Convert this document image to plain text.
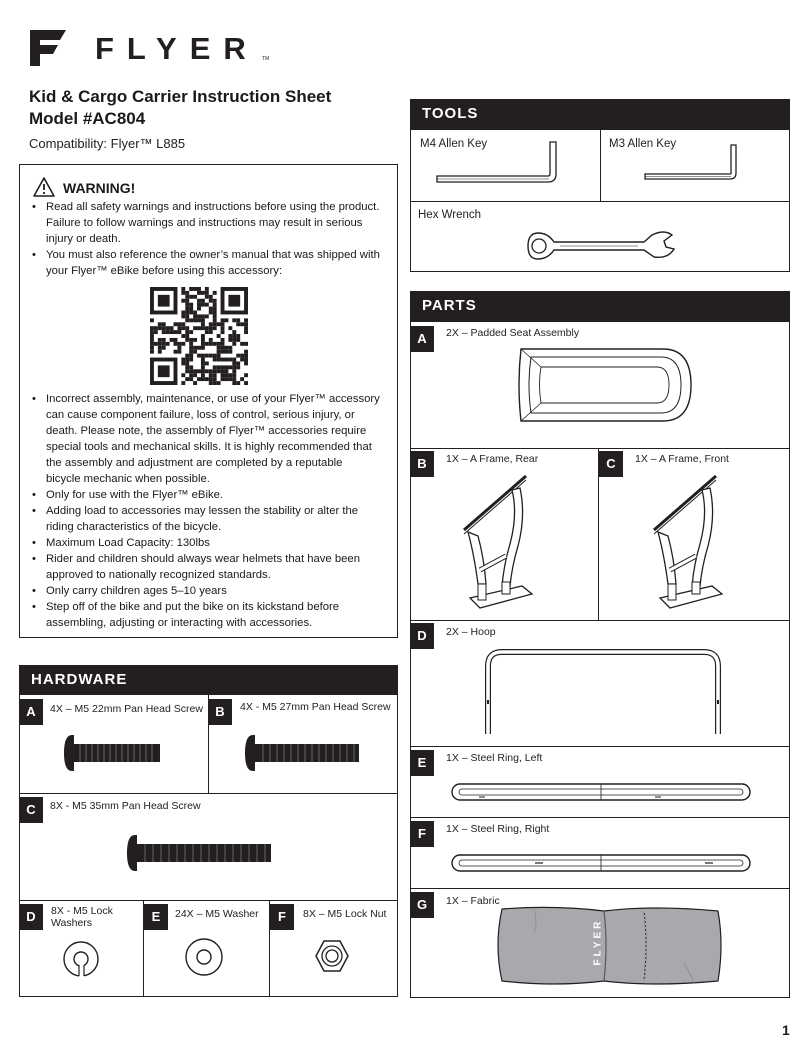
FLYER TM
Kid & Cargo Carrier Instruction Sheet
Model #AC804
Compatibility: Flyer™ L885
WARNING!
• Read all safety warnings and instructions before using the product. Failure to follow warnings and instructions may result in serious injury or death.
• You must also reference the owner’s manual that was shipped with your Flyer™ eBike before using this accessory:
• Incorrect assembly, maintenance, or use of your Flyer™ accessory can cause component failure, loss of control, serious injury, or death. Please note, the assembly of Flyer™ accessories require special tools and mechanical skills. It is highly recommended that the assembly and adjustment are completed by a reputable bicycle mechanic when possible.
• Only for use with the Flyer™ eBike.
• Adding load to accessories may lessen the stability or alter the riding characteristics of the bicycle.
• Maximum Load Capacity: 130lbs
• Rider and children should always wear helmets that have been approved to nationally recognized standards.
• Only carry children ages 5–10 years
• Step off of the bike and put the bike on its kickstand before assembling, adjusting or interacting with accessories.
HARDWARE
A	4X – M5 22mm Pan Head Screw B	4X - M5 27mm Pan Head Screw
C	8X - M5 35mm Pan Head Screw
D	8X - M5 Lock Washers	E	24X – M5 Washer	F	8X – M5 Lock Nut
TOOLS
M4 Allen Key	M3 Allen Key
Hex Wrench
PARTS
A	2X – Padded Seat Assembly
B	1X – A Frame, Rear	C	1X – A Frame, Front
D	2X – Hoop
E	1X – Steel Ring, Left
F	1X – Steel Ring, Right
G	1X – Fabric
FLYER
1
